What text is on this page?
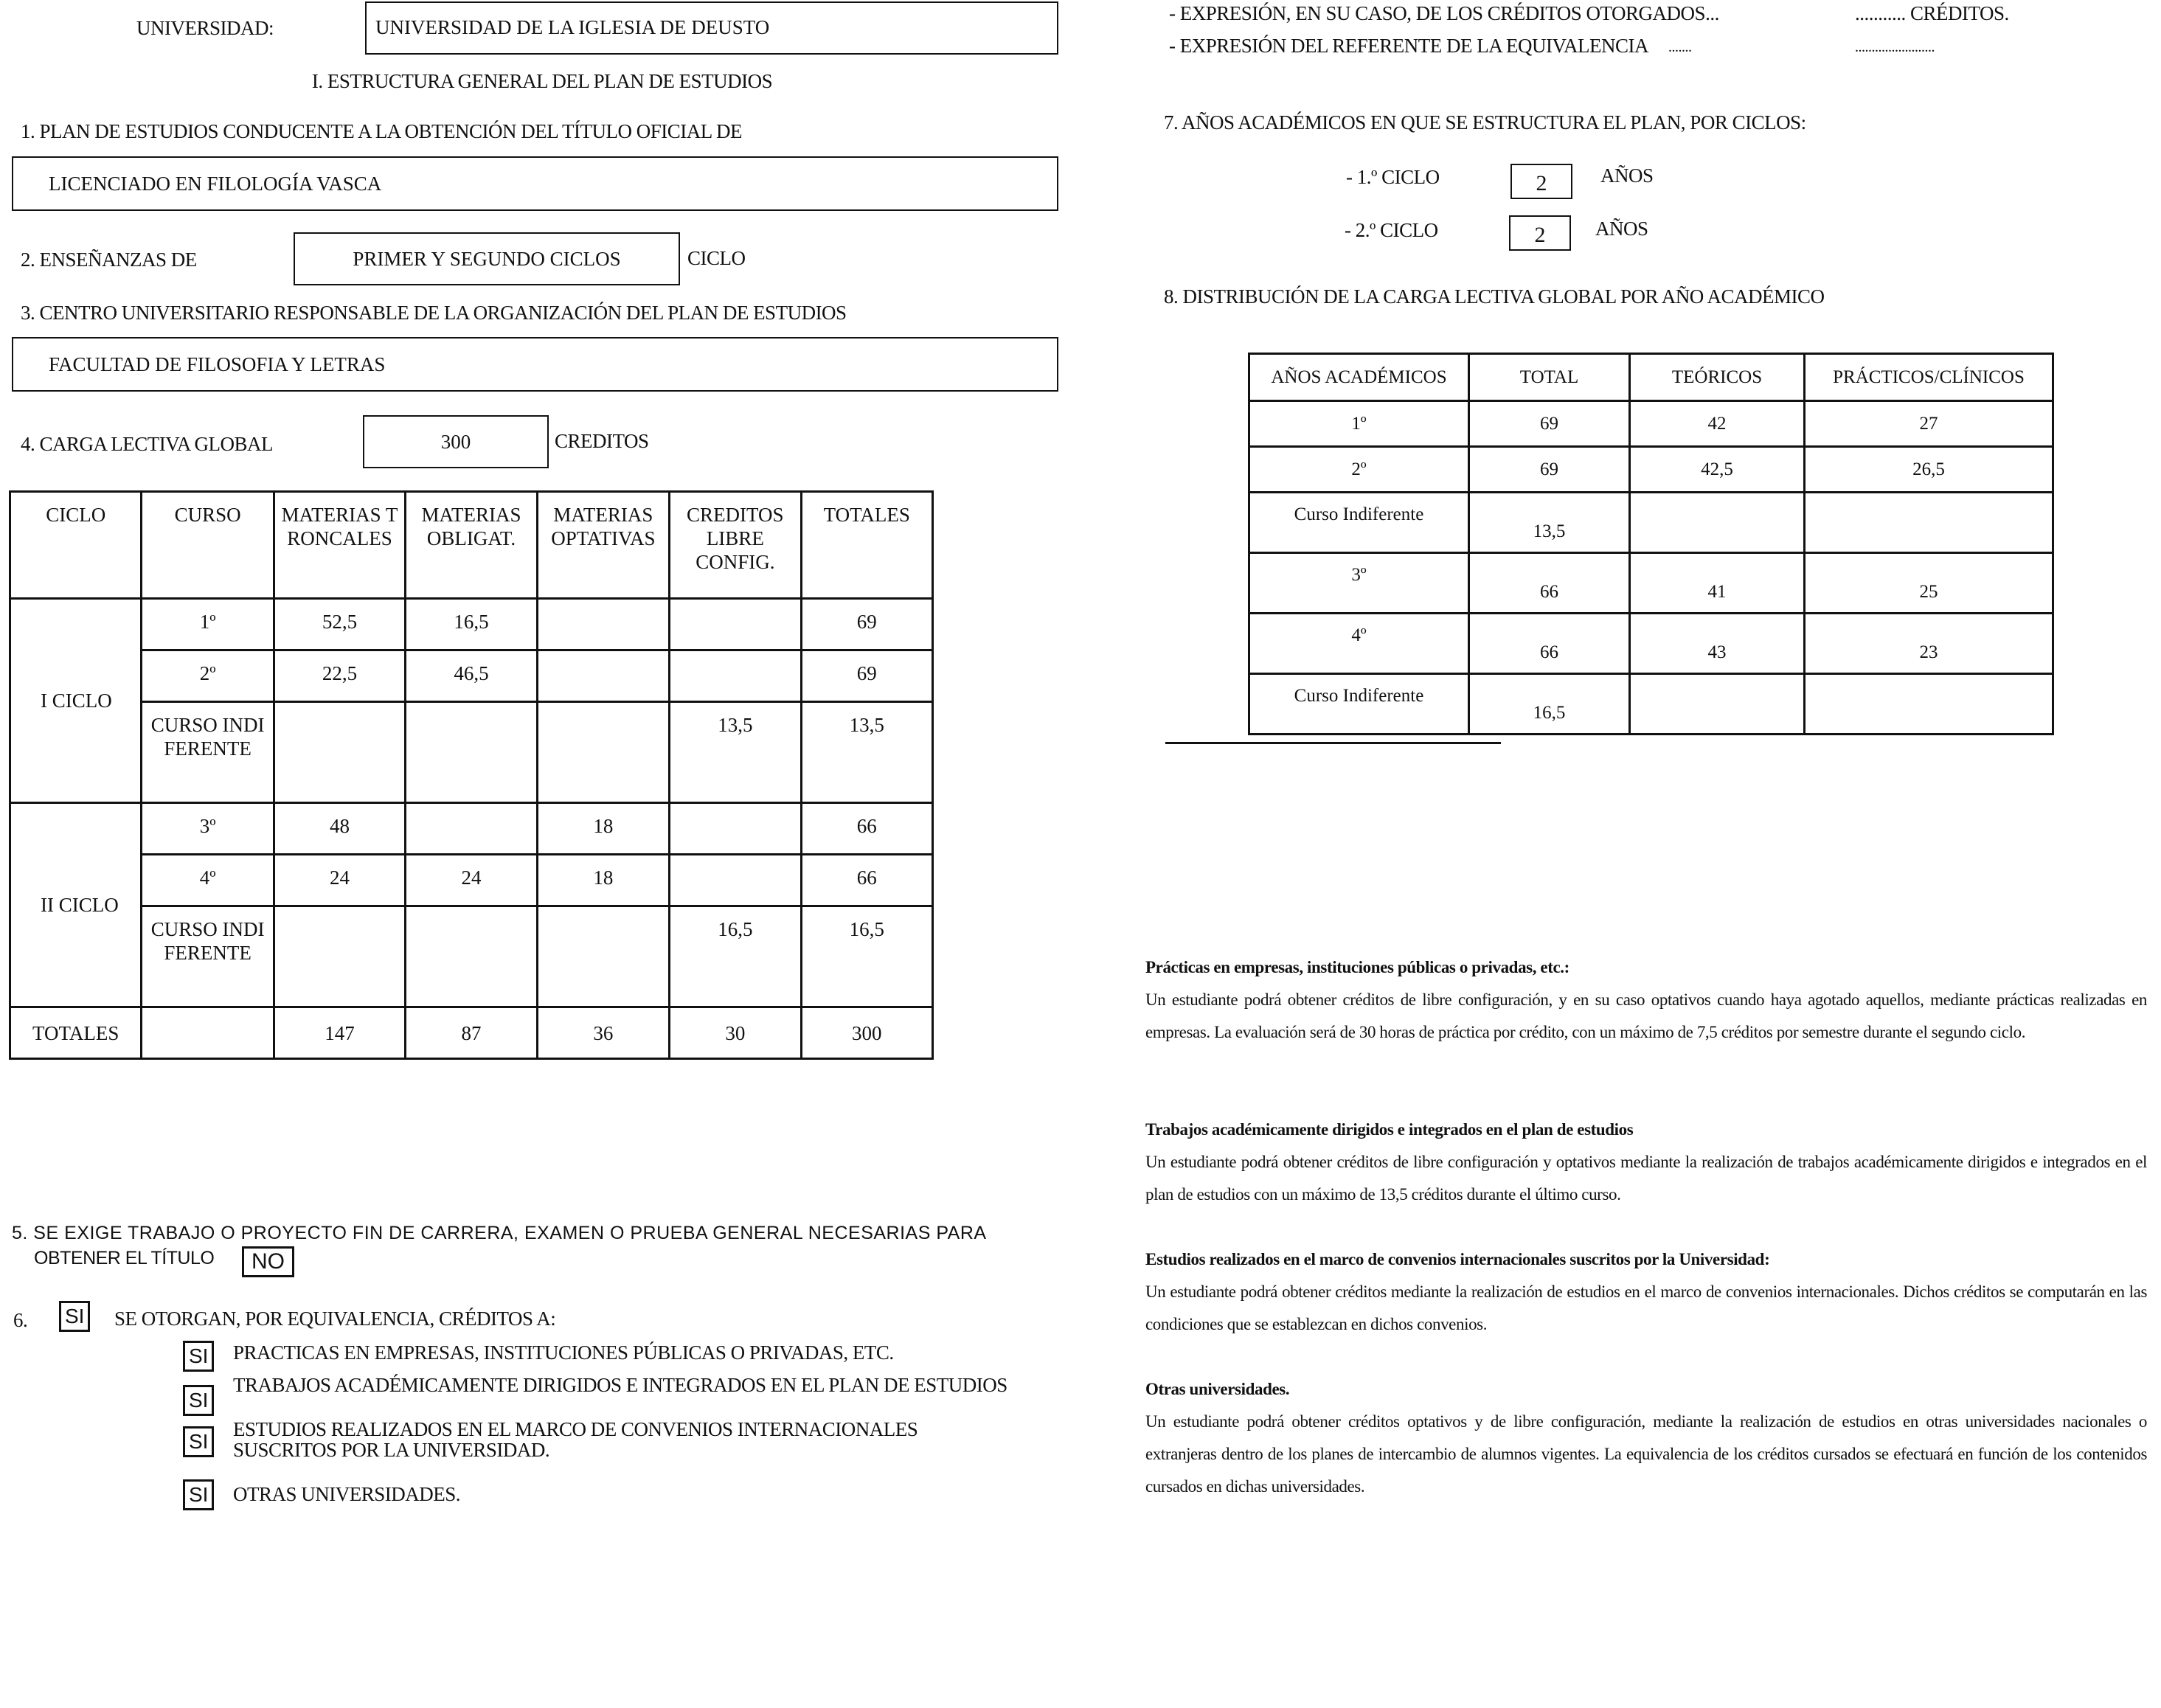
UNIVERSIDAD:	UNIVERSIDAD DE LA IGLESIA DE DEUSTO
I. ESTRUCTURA GENERAL DEL PLAN DE ESTUDIOS
1. PLAN DE ESTUDIOS CONDUCENTE A LA OBTENCIÓN DEL TÍTULO OFICIAL DE
LICENCIADO EN FILOLOGÍA VASCA
2. ENSEÑANZAS DE	PRIMER Y SEGUNDO CICLOS	CICLO
3. CENTRO UNIVERSITARIO RESPONSABLE DE LA ORGANIZACIÓN DEL PLAN DE ESTUDIOS
FACULTAD DE FILOSOFIA Y LETRAS
4. CARGA LECTIVA GLOBAL	300	CREDITOS
CICLO	CURSO	MATERIAS TRONCALES	MATERIAS OBLIGAT.	MATERIAS OPTATIVAS	CREDITOS LIBRE CONFIG.	TOTALES
I CICLO	1º	52,5	16,5			69
	2º	22,5	46,5			69
	CURSO INDIFERENTE				13,5	13,5
II CICLO	3º	48		18		66
	4º	24	24	18		66
	CURSO INDIFERENTE				16,5	16,5
TOTALES		147	87	36	30	300
5. SE EXIGE TRABAJO O PROYECTO FIN DE CARRERA, EXAMEN O PRUEBA GENERAL NECESARIAS PARA
OBTENER EL TÍTULO	NO
6. SI SE OTORGAN, POR EQUIVALENCIA, CRÉDITOS A:
SI PRACTICAS EN EMPRESAS, INSTITUCIONES PÚBLICAS O PRIVADAS, ETC.
SI
TRABAJOS ACADÉMICAMENTE DIRIGIDOS E INTEGRADOS EN EL PLAN DE ESTUDIOS
SI
ESTUDIOS REALIZADOS EN EL MARCO DE CONVENIOS INTERNACIONALES
SUSCRITOS POR LA UNIVERSIDAD.
SI OTRAS UNIVERSIDADES.
- EXPRESIÓN, EN SU CASO, DE LOS CRÉDITOS OTORGADOS...	........... CRÉDITOS.
- EXPRESIÓN DEL REFERENTE DE LA EQUIVALENCIA .......	........................
7. AÑOS ACADÉMICOS EN QUE SE ESTRUCTURA EL PLAN, POR CICLOS:
- 1.º CICLO	2	AÑOS
- 2.º CICLO	2	AÑOS
8. DISTRIBUCIÓN DE LA CARGA LECTIVA GLOBAL POR AÑO ACADÉMICO
AÑOS ACADÉMICOS	TOTAL	TEÓRICOS	PRÁCTICOS/CLÍNICOS
1º	69	42	27
2º	69	42,5	26,5
Curso Indiferente	13,5		
3º	66	41	25
4º	66	43	23
Curso Indiferente	16,5		
Prácticas en empresas, instituciones públicas o privadas, etc.:
Un estudiante podrá obtener créditos de libre configuración, y en su caso optativos cuando haya agotado aquellos, mediante prácticas realizadas en empresas. La evaluación será de 30 horas de práctica por crédito, con un máximo de 7,5 créditos por semestre durante el segundo ciclo.
Trabajos académicamente dirigidos e integrados en el plan de estudios
Un estudiante podrá obtener créditos de libre configuración y optativos mediante la realización de trabajos académicamente dirigidos e integrados en el plan de estudios con un máximo de 13,5 créditos durante el último curso.
Estudios realizados en el marco de convenios internacionales suscritos por la Universidad:
Un estudiante podrá obtener créditos mediante la realización de estudios en el marco de convenios internacionales. Dichos créditos se computarán en las condiciones que se establezcan en dichos convenios.
Otras universidades.
Un estudiante podrá obtener créditos optativos y de libre configuración, mediante la realización de estudios en otras universidades nacionales o extranjeras dentro de los planes de intercambio de alumnos vigentes. La equivalencia de los créditos cursados se efectuará en función de los contenidos cursados en dichas universidades.
